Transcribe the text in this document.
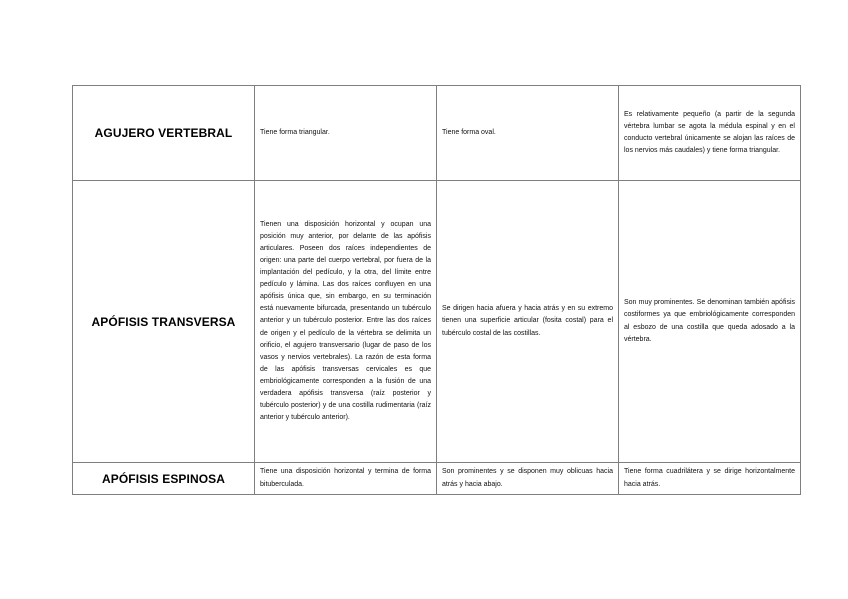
AGUJERO VERTEBRAL	Tiene forma triangular.	Tiene forma oval.	Es relativamente pequeño (a partir de la segunda vértebra lumbar se agota la médula espinal y en el conducto vertebral únicamente se alojan las raíces de los nervios más caudales) y tiene forma triangular.
APÓFISIS TRANSVERSA	Tienen una disposición horizontal y ocupan una posición muy anterior, por delante de las apófisis articulares. Poseen dos raíces independientes de origen: una parte del cuerpo vertebral, por fuera de la implantación del pedículo, y la otra, del límite entre pedículo y lámina. Las dos raíces confluyen en una apófisis única que, sin embargo, en su terminación está nuevamente bifurcada, presentando un tubérculo anterior y un tubérculo posterior. Entre las dos raíces de origen y el pedículo de la vértebra se delimita un orificio, el agujero transversario (lugar de paso de los vasos y nervios vertebrales). La razón de esta forma de las apófisis transversas cervicales es que embriológicamente corresponden a la fusión de una verdadera apófisis transversa (raíz posterior y tubérculo posterior) y de una costilla rudimentaria (raíz anterior y tubérculo anterior).	Se dirigen hacia afuera y hacia atrás y en su extremo tienen una superficie articular (fosita costal) para el tubérculo costal de las costillas.	Son muy prominentes. Se denominan también apófisis costiformes ya que embriológicamente corresponden al esbozo de una costilla que queda adosado a la vértebra.
APÓFISIS ESPINOSA	Tiene una disposición horizontal y termina de forma bituberculada.	Son prominentes y se disponen muy oblicuas hacia atrás y hacia abajo.	Tiene forma cuadrilátera y se dirige horizontalmente hacia atrás.
